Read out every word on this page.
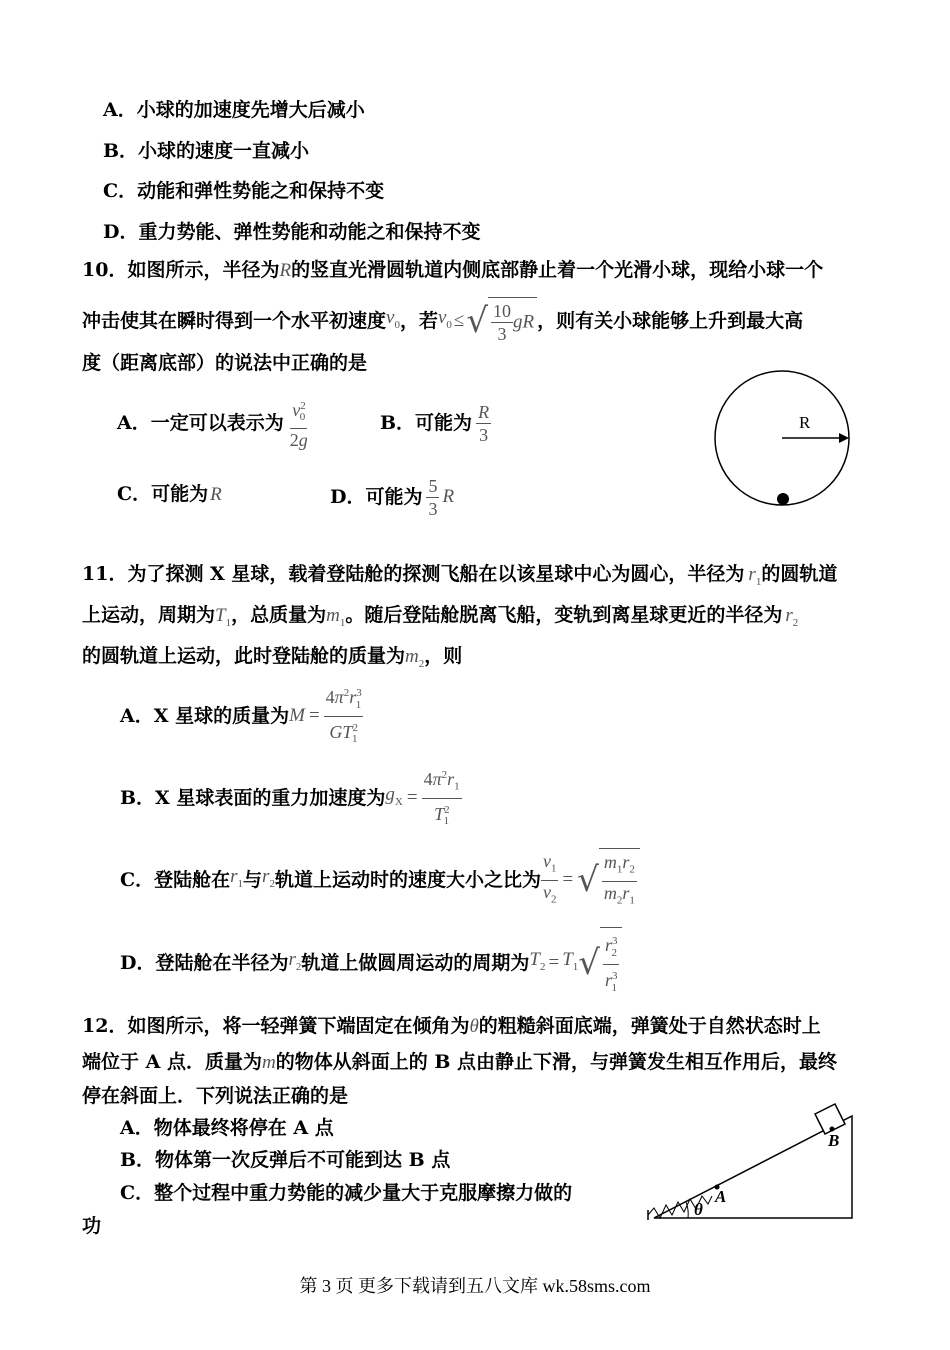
A．小球的加速度先增大后减小
B．小球的速度一直减小
C．动能和弹性势能之和保持不变
D．重力势能、弹性势能和动能之和保持不变
10．如图所示，半径为R的竖直光滑圆轨道内侧底部静止着一个光滑小球，现给小球一个
冲击使其在瞬时得到一个水平初速度 $v_0$ ，若 $v_0$ ≤ √ $\frac{10}{3}$ gR ，则有关小球能够上升到最大高
度（距离底部）的说法中正确的是
A．一定可以表示为 $\frac{v^2_0}{2g}$	B．可能为 $\frac{R}{3}$
C．可能为 R	D．可能为 $\frac{5}{3}$ R
R
11．为了探测 X 星球，载着登陆舱的探测飞船在以该星球中心为圆心，半径为 $r_1$的圆轨道
上运动，周期为$T_1$，总质量为$m_1$。随后登陆舱脱离飞船，变轨到离星球更近的半径为 $r_2$
的圆轨道上运动，此时登陆舱的质量为$m_2$，则
A．X 星球的质量为 $M = \frac{4\pi^2r^3_1}{GT^2_1}$
B．X 星球表面的重力加速度为 $g_X = \frac{4\pi^2r_1}{T^2_1}$
C．登陆舱在 $r_1$ 与 $r_2$ 轨道上运动时的速度大小之比为 $\frac{v_1}{v_2}$ = √ $\frac{m_1r_2}{m_2r_1}$
D．登陆舱在半径为 $r_2$ 轨道上做圆周运动的周期为 $T_2 = T_1$ √ $\frac{r^3_2}{r^3_1}$
12．如图所示，将一轻弹簧下端固定在倾角为θ的粗糙斜面底端，弹簧处于自然状态时上
端位于 A 点．质量为m的物体从斜面上的 B 点由静止下滑，与弹簧发生相互作用后，最终
停在斜面上．下列说法正确的是
A．物体最终将停在 A 点
B．物体第一次反弹后不可能到达 B 点
C．整个过程中重力势能的减少量大于克服摩擦力做的
功
A
θ
B
第 3 页 更多下载请到五八文库 wk.58sms.com
